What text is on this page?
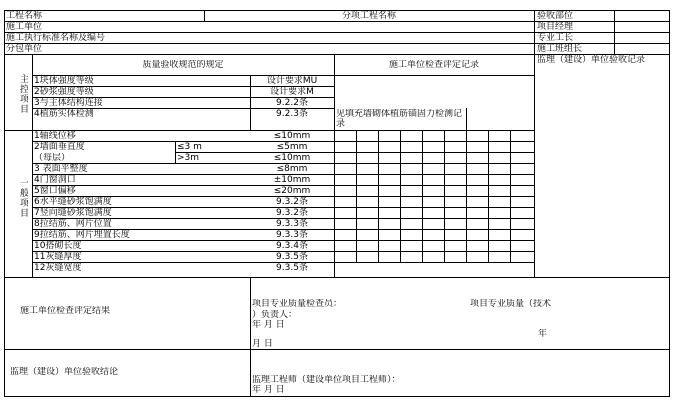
工程名称	分项工程名称	验收部位
施工单位	项目经理
施工执行标准名称及编号	专业工长
分包单位	施工班组长
质量验收规范的规定	施工单位检查评定记录	监理（建设）单位验收记录
主控项目 1块体强度等级	设计要求MU
2砂浆强度等级	设计要求M
3与主体结构连接	9.2.2条
4植筋实体检测	9.2.3条	见填充墙砌体植筋锚固力检测记录
一般项目
1轴线位移	≤10mm
2墙面垂直度	≤3 m	≤5mm
（每层）	>3m	≤10mm
3 表面平整度	≤8mm
4门窗洞口	±10mm
5窗口偏移	≤20mm
6水平缝砂浆饱满度	9.3.2条
7竖向缝砂浆饱满度	9.3.2条
8拉结筋、网片位置	9.3.3条
9拉结筋、网片埋置长度	9.3.3条
10搭砌长度	9.3.4条
11灰缝厚度	9.3.5条
12灰缝宽度	9.3.5条
施工单位检查评定结果
项目专业质量检查员：	项目专业质量（技术
）负责人：
年 月 日
年
月 日
监理（建设）单位验收结论
监理工程师（建设单位项目工程师）：
年 月 日
